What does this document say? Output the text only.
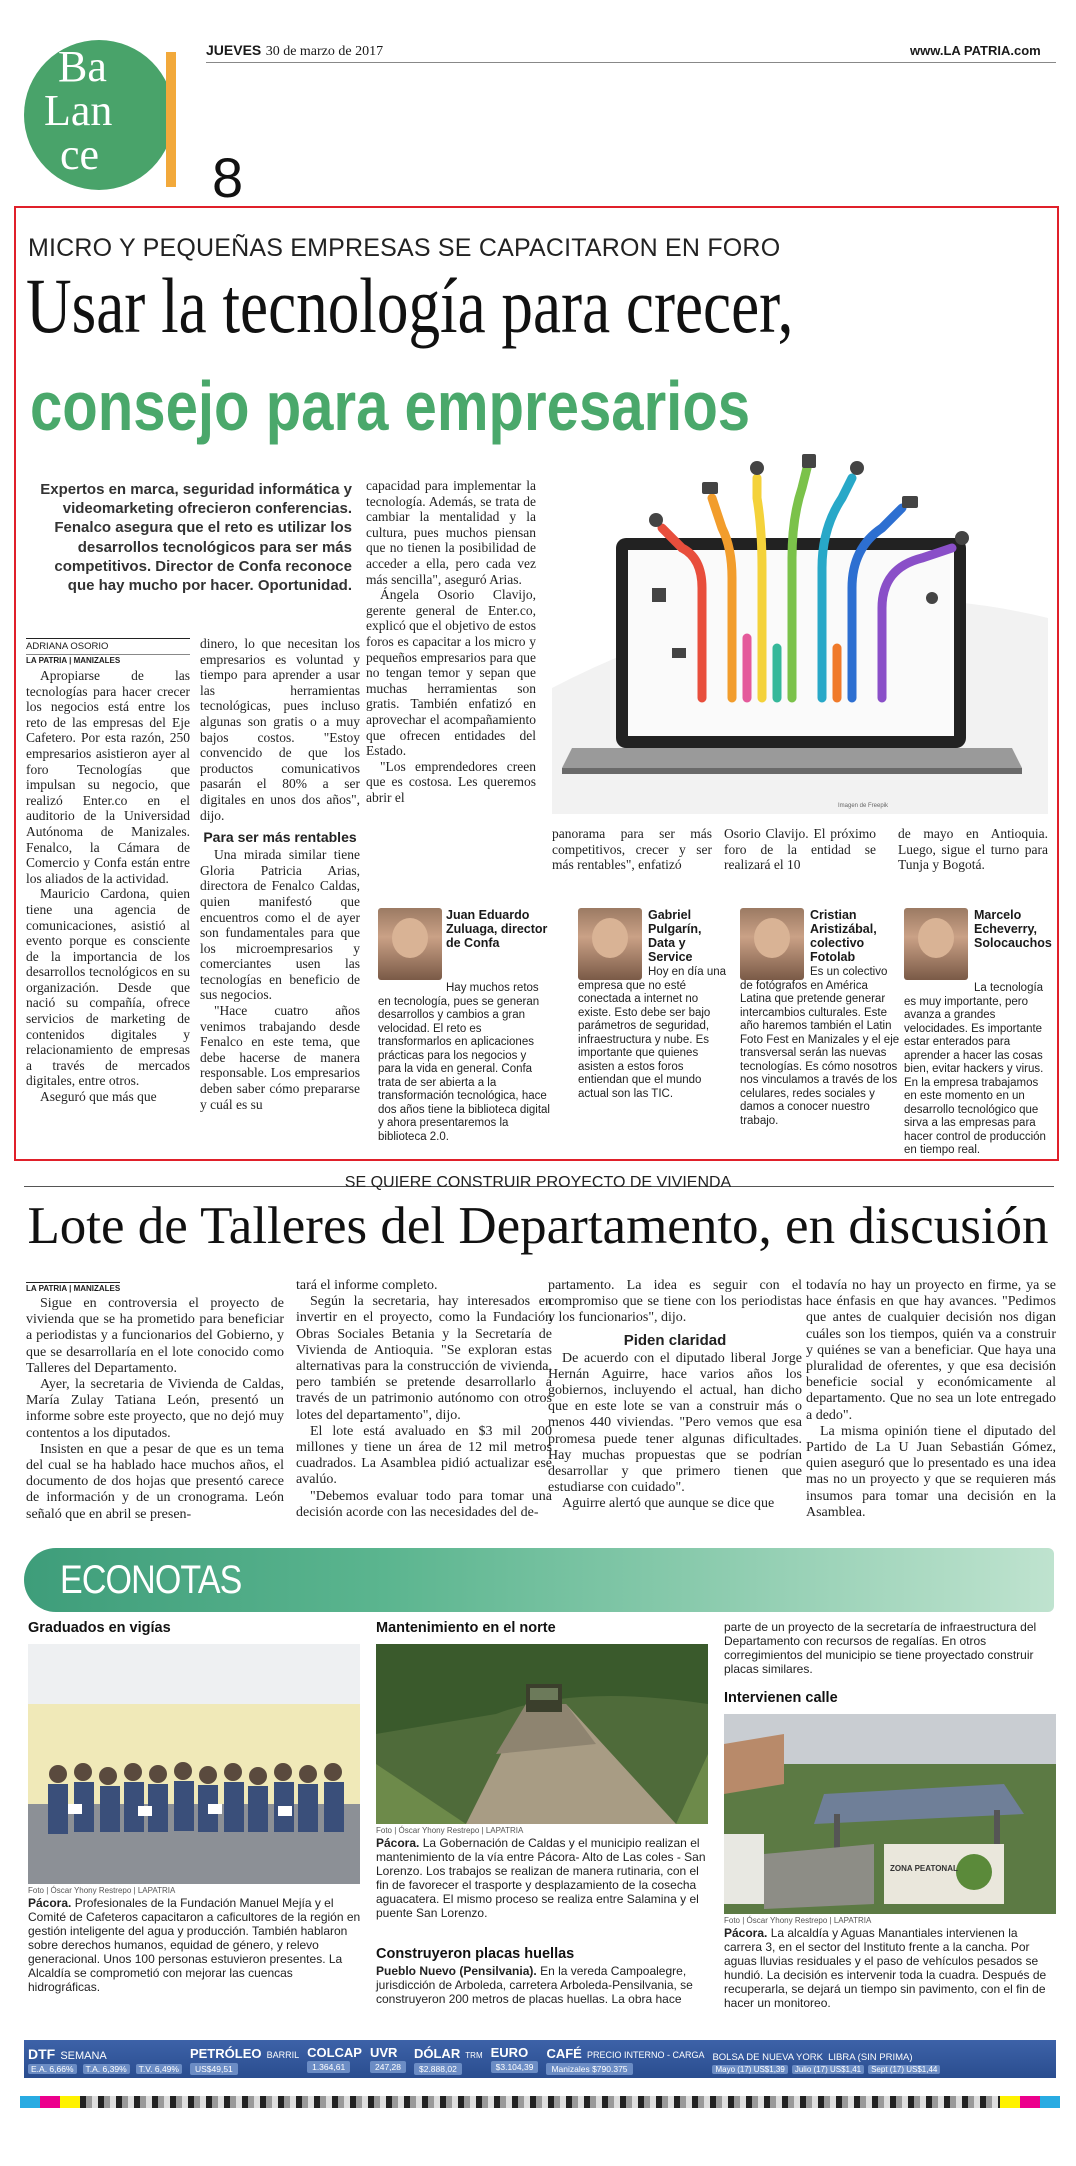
Ba
Lan
ce 8
JUEVES 30 de marzo de 2017	www.LA PATRIA.com
MICRO Y PEQUEÑAS EMPRESAS SE CAPACITARON EN FORO
Usar la tecnología para crecer,
consejo para empresarios
Expertos en marca, seguridad informática y videomarketing ofrecieron conferencias. Fenalco asegura que el reto es utilizar los desarrollos tecnológicos para ser más competitivos. Director de Confa reconoce que hay mucho por hacer. Oportunidad.
ADRIANA OSORIO
LA PATRIA | MANIZALES

Apropiarse de las tecnologías para hacer crecer los negocios está entre los reto de las empresas del Eje Cafetero. Por esta razón, 250 empresarios asistieron ayer al foro Tecnologías que impulsan su negocio, que realizó Enter.co en el auditorio de la Universidad Autónoma de Manizales. Fenalco, la Cámara de Comercio y Confa están entre los aliados de la actividad.

Mauricio Cardona, quien tiene una agencia de comunicaciones, asistió al evento porque es consciente de la importancia de los desarrollos tecnológicos en su organización. Desde que nació su compañía, ofrece servicios de marketing de contenidos digitales y relacionamiento de empresas a través de mercados digitales, entre otros.

Aseguró que más que

dinero, lo que necesitan los empresarios es voluntad y tiempo para aprender a usar las herramientas tecnológicas, pues incluso algunas son gratis o a muy bajos costos. "Estoy convencido de que los productos comunicativos pasarán el 80% a ser digitales en unos dos años", dijo.

Para ser más rentables

Una mirada similar tiene Gloria Patricia Arias, directora de Fenalco Caldas, quien manifestó que encuentros como el de ayer son fundamentales para que los microempresarios y comerciantes usen las tecnologías en beneficio de sus negocios.

"Hace cuatro años venimos trabajando desde Fenalco en este tema, que debe hacerse de manera responsable. Los empresarios deben saber cómo prepararse y cuál es su

capacidad para implementar la tecnología. Además, se trata de cambiar la mentalidad y la cultura, pues muchos piensan que no tienen la posibilidad de acceder a ella, pero cada vez más sencilla", aseguró Arias.

Ángela Osorio Clavijo, gerente general de Enter.co, explicó que el objetivo de estos foros es capacitar a los micro y pequeños empresarios para que no tengan temor y sepan que muchas herramientas son gratis. También enfatizó en aprovechar el acompañamiento que ofrecen entidades del Estado.

"Los emprendedores creen que es costosa. Les queremos abrir el

Imagen de Freepik
panorama para ser más competitivos, crecer y ser más rentables", enfatizó
Osorio Clavijo. El próximo foro de la entidad se realizará el 10
de mayo en Antioquia. Luego, sigue el turno para Tunja y Bogotá.
Juan Eduardo Zuluaga, director de Confa
Hay muchos retos en tecnología, pues se generan desarrollos y cambios a gran velocidad. El reto es transformarlos en aplicaciones prácticas para los negocios y para la vida en general. Confa trata de ser abierta a la transformación tecnológica, hace dos años tiene la biblioteca digital y ahora presentaremos la biblioteca 2.0.
Gabriel Pulgarín, Data y Service
Hoy en día una empresa que no esté conectada a internet no existe. Esto debe ser bajo parámetros de seguridad, infraestructura y nube. Es importante que quienes asisten a estos foros entiendan que el mundo actual son las TIC.
Cristian Aristizábal, colectivo Fotolab
Es un colectivo de fotógrafos en América Latina que pretende generar intercambios culturales. Este año haremos también el Latin Foto Fest en Manizales y el eje transversal serán las nuevas tecnologías. Es cómo nosotros nos vinculamos a través de los celulares, redes sociales y damos a conocer nuestro trabajo.
Marcelo Echeverry, Solocauchos
La tecnología es muy importante, pero avanza a grandes velocidades. Es importante estar enterados para aprender a hacer las cosas bien, evitar hackers y virus. En la empresa trabajamos en este momento en un desarrollo tecnológico que sirva a las empresas para hacer control de producción en tiempo real.
SE QUIERE CONSTRUIR PROYECTO DE VIVIENDA
Lote de Talleres del Departamento, en discusión
LA PATRIA | MANIZALES

Sigue en controversia el proyecto de vivienda que se ha prometido para beneficiar a periodistas y a funcionarios del Gobierno, y que se desarrollaría en el lote conocido como Talleres del Departamento.

Ayer, la secretaria de Vivienda de Caldas, María Zulay Tatiana León, presentó un informe sobre este proyecto, que no dejó muy contentos a los diputados.

Insisten en que a pesar de que es un tema del cual se ha hablado hace muchos años, el documento de dos hojas que presentó carece de información y de un cronograma. León señaló que en abril se presen-

tará el informe completo.

Según la secretaria, hay interesados en invertir en el proyecto, como la Fundación Obras Sociales Betania y la Secretaría de Vivienda de Antioquia. "Se exploran estas alternativas para la construcción de vivienda, pero también se pretende desarrollarlo a través de un patrimonio autónomo con otros lotes del departamento", dijo.

El lote está avaluado en $3 mil 200 millones y tiene un área de 12 mil metros cuadrados. La Asamblea pidió actualizar ese avalúo.

"Debemos evaluar todo para tomar una decisión acorde con las necesidades del de-

partamento. La idea es seguir con el compromiso que se tiene con los periodistas y los funcionarios", dijo.

Piden claridad

De acuerdo con el diputado liberal Jorge Hernán Aguirre, hace varios años los gobiernos, incluyendo el actual, han dicho que en este lote se van a construir más o menos 440 viviendas. "Pero vemos que esa promesa puede tener algunas dificultades. Hay muchas propuestas que se podrían desarrollar y que primero tienen que estudiarse con cuidado".

Aguirre alertó que aunque se dice que

todavía no hay un proyecto en firme, ya se hace énfasis en que hay avances. "Pedimos que antes de cualquier decisión nos digan cuáles son los tiempos, quién va a construir y quiénes se van a beneficiar. Que haya una pluralidad de oferentes, y que esa decisión beneficie social y económicamente al departamento. Que no sea un lote entregado a dedo".

La misma opinión tiene el diputado del Partido de La U Juan Sebastián Gómez, quien aseguró que lo presentado es una idea mas no un proyecto y que se requieren más insumos para tomar una decisión en la Asamblea.

ECONOTAS
Graduados en vigías
Foto | Óscar Yhony Restrepo | LAPATRIA
Pácora. Profesionales de la Fundación Manuel Mejía y el Comité de Cafeteros capacitaron a caficultores de la región en gestión inteligente del agua y producción. También hablaron sobre derechos humanos, equidad de género, y relevo generacional. Unos 100 personas estuvieron presentes. La Alcaldía se comprometió con mejorar las cuencas hidrográficas.
Mantenimiento en el norte
Foto | Óscar Yhony Restrepo | LAPATRIA
Pácora. La Gobernación de Caldas y el municipio realizan el mantenimiento de la vía entre Pácora- Alto de Las coles - San Lorenzo. Los trabajos se realizan de manera rutinaria, con el fin de favorecer el trasporte y desplazamiento de la cosecha aguacatera. El mismo proceso se realiza entre Salamina y el puente San Lorenzo.
Construyeron placas huellas
Pueblo Nuevo (Pensilvania). En la vereda Campoalegre, jurisdicción de Arboleda, carretera Arboleda-Pensilvania, se construyeron 200 metros de placas huellas. La obra hace
parte de un proyecto de la secretaría de infraestructura del Departamento con recursos de regalías. En otros corregimientos del municipio se tiene proyectado construir placas similares.
Intervienen calle
ZONA PEATONAL
Foto | Óscar Yhony Restrepo | LAPATRIA
Pácora. La alcaldía y Aguas Manantiales intervienen la carrera 3, en el sector del Instituto frente a la cancha. Por aguas lluvias residuales y el paso de vehículos pesados se hundió. La decisión es intervenir toda la cuadra. Después de recuperarla, se dejará un tiempo sin pavimento, con el fin de hacer un monitoreo.
DTF SEMANA
E.A. 6,66%	T.A. 6,39%	T.V. 6,49%
PETRÓLEO BARRIL
US$49,51
COLCAP
1.364,61
UVR
247,28
DÓLAR TRM
$2.888,02
EURO
$3.104,39
CAFÉ PRECIO INTERNO - CARGA
Manizales $790.375
BOLSA DE NUEVA YORK LIBRA (SIN PRIMA)
Mayo (17) US$1,39	Julio (17) US$1,41	Sept (17) US$1,44
